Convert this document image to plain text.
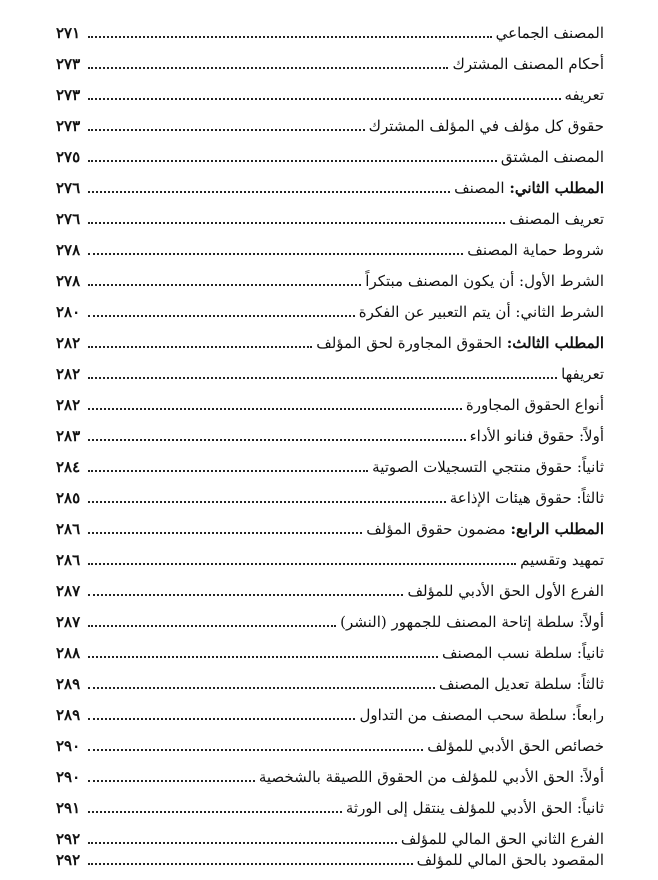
المصنف الجماعي
٢٧١
أحكام المصنف المشترك
٢٧٣
تعريفه
٢٧٣
حقوق كل مؤلف في المؤلف المشترك
٢٧٣
المصنف المشتق
٢٧٥
المطلب الثاني: المصنف
٢٧٦
تعريف المصنف
٢٧٦
شروط حماية المصنف
٢٧٨
الشرط الأول: أن يكون المصنف مبتكراً
٢٧٨
الشرط الثاني: أن يتم التعبير عن الفكرة
٢٨٠
المطلب الثالث: الحقوق المجاورة لحق المؤلف
٢٨٢
تعريفها
٢٨٢
أنواع الحقوق المجاورة
٢٨٢
أولاً: حقوق فنانو الأداء
٢٨٣
ثانياً: حقوق منتجي التسجيلات الصوتية
٢٨٤
ثالثاً: حقوق هيئات الإذاعة
٢٨٥
المطلب الرابع: مضمون حقوق المؤلف
٢٨٦
تمهيد وتقسيم
٢٨٦
الفرع الأول الحق الأدبي للمؤلف
٢٨٧
أولاً: سلطة إتاحة المصنف للجمهور (النشر)
٢٨٧
ثانياً: سلطة نسب المصنف
٢٨٨
ثالثاً: سلطة تعديل المصنف
٢٨٩
رابعاً: سلطة سحب المصنف من التداول
٢٨٩
خصائص الحق الأدبي للمؤلف
٢٩٠
أولاً: الحق الأدبي للمؤلف من الحقوق اللصيقة بالشخصية
٢٩٠
ثانياً: الحق الأدبي للمؤلف ينتقل إلى الورثة
٢٩١
الفرع الثاني الحق المالي للمؤلف
٢٩٢
المقصود بالحق المالي للمؤلف
٢٩٢
